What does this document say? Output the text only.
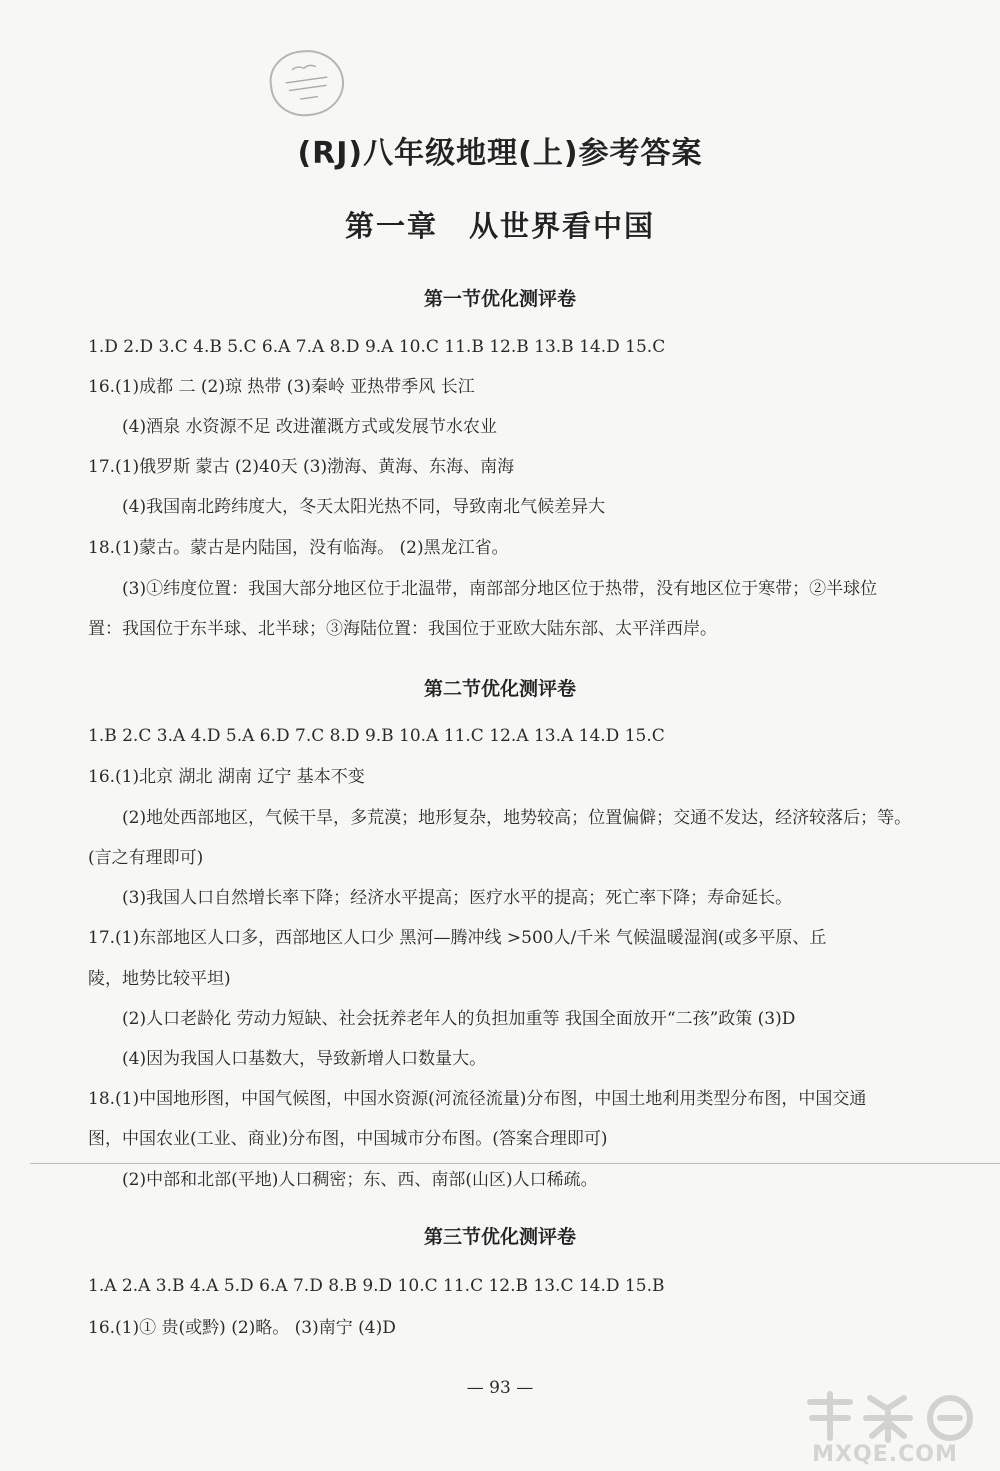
(RJ)八年级地理(上)参考答案
第一章　从世界看中国
第一节优化测评卷
1.D 2.D 3.C 4.B 5.C 6.A 7.A 8.D 9.A 10.C 11.B 12.B 13.B 14.D 15.C
16.(1)成都 二 (2)琼 热带 (3)秦岭 亚热带季风 长江
(4)酒泉 水资源不足 改进灌溉方式或发展节水农业
17.(1)俄罗斯 蒙古 (2)40天 (3)渤海、黄海、东海、南海
(4)我国南北跨纬度大，冬天太阳光热不同，导致南北气候差异大
18.(1)蒙古。蒙古是内陆国，没有临海。 (2)黑龙江省。
(3)①纬度位置：我国大部分地区位于北温带，南部部分地区位于热带，没有地区位于寒带；②半球位
置：我国位于东半球、北半球；③海陆位置：我国位于亚欧大陆东部、太平洋西岸。
第二节优化测评卷
1.B 2.C 3.A 4.D 5.A 6.D 7.C 8.D 9.B 10.A 11.C 12.A 13.A 14.D 15.C
16.(1)北京 湖北 湖南 辽宁 基本不变
(2)地处西部地区，气候干旱，多荒漠；地形复杂，地势较高；位置偏僻；交通不发达，经济较落后；等。
(言之有理即可)
(3)我国人口自然增长率下降；经济水平提高；医疗水平的提高；死亡率下降；寿命延长。
17.(1)东部地区人口多，西部地区人口少 黑河—腾冲线 >500人/千米 气候温暖湿润(或多平原、丘
陵，地势比较平坦)
(2)人口老龄化 劳动力短缺、社会抚养老年人的负担加重等 我国全面放开“二孩”政策 (3)D
(4)因为我国人口基数大，导致新增人口数量大。
18.(1)中国地形图，中国气候图，中国水资源(河流径流量)分布图，中国土地利用类型分布图，中国交通
图，中国农业(工业、商业)分布图，中国城市分布图。(答案合理即可)
(2)中部和北部(平地)人口稠密；东、西、南部(山区)人口稀疏。
第三节优化测评卷
1.A 2.A 3.B 4.A 5.D 6.A 7.D 8.B 9.D 10.C 11.C 12.B 13.C 14.D 15.B
16.(1)① 贵(或黔) (2)略。 (3)南宁 (4)D
— 93 —
MXQE.COM
